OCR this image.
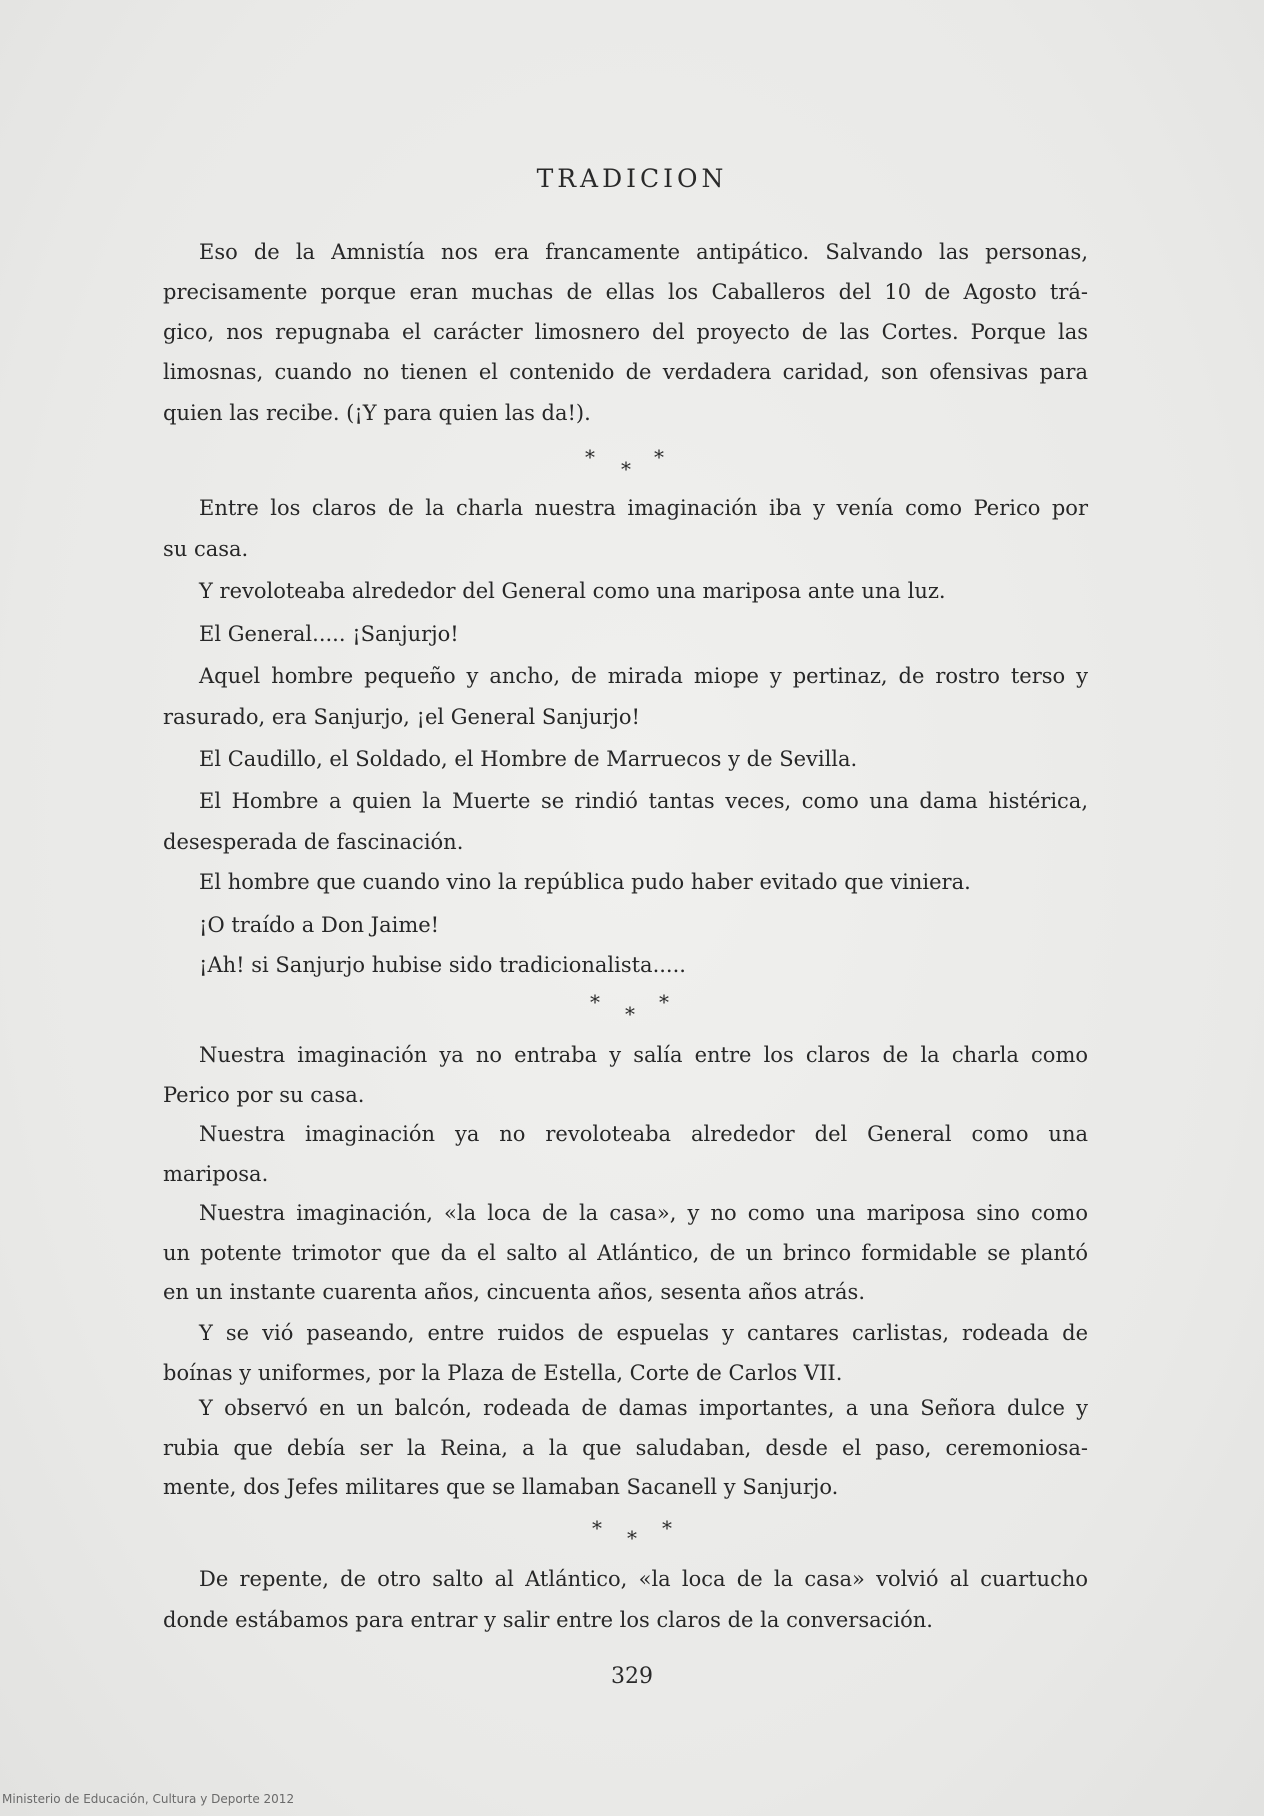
TRADICION
Eso de la Amnistía nos era francamente antipático. Salvando las personas,
precisamente porque eran muchas de ellas los Caballeros del 10 de Agosto trá-
gico, nos repugnaba el carácter limosnero del proyecto de las Cortes. Porque las
limosnas, cuando no tienen el contenido de verdadera caridad, son ofensivas para
quien las recibe. (¡Y para quien las da!).
* * *
Entre los claros de la charla nuestra imaginación iba y venía como Perico por
su casa.
Y revoloteaba alrededor del General como una mariposa ante una luz.
El General..... ¡Sanjurjo!
Aquel hombre pequeño y ancho, de mirada miope y pertinaz, de rostro terso y
rasurado, era Sanjurjo, ¡el General Sanjurjo!
El Caudillo, el Soldado, el Hombre de Marruecos y de Sevilla.
El Hombre a quien la Muerte se rindió tantas veces, como una dama histérica,
desesperada de fascinación.
El hombre que cuando vino la república pudo haber evitado que viniera.
¡O traído a Don Jaime!
¡Ah! si Sanjurjo hubise sido tradicionalista.....
* * *
Nuestra imaginación ya no entraba y salía entre los claros de la charla como
Perico por su casa.
Nuestra imaginación ya no revoloteaba alrededor del General como una
mariposa.
Nuestra imaginación, «la loca de la casa», y no como una mariposa sino como
un potente trimotor que da el salto al Atlántico, de un brinco formidable se plantó
en un instante cuarenta años, cincuenta años, sesenta años atrás.
Y se vió paseando, entre ruidos de espuelas y cantares carlistas, rodeada de
boínas y uniformes, por la Plaza de Estella, Corte de Carlos VII.
Y observó en un balcón, rodeada de damas importantes, a una Señora dulce y
rubia que debía ser la Reina, a la que saludaban, desde el paso, ceremoniosa-
mente, dos Jefes militares que se llamaban Sacanell y Sanjurjo.
* * *
De repente, de otro salto al Atlántico, «la loca de la casa» volvió al cuartucho
donde estábamos para entrar y salir entre los claros de la conversación.
329
Ministerio de Educación, Cultura y Deporte 2012
